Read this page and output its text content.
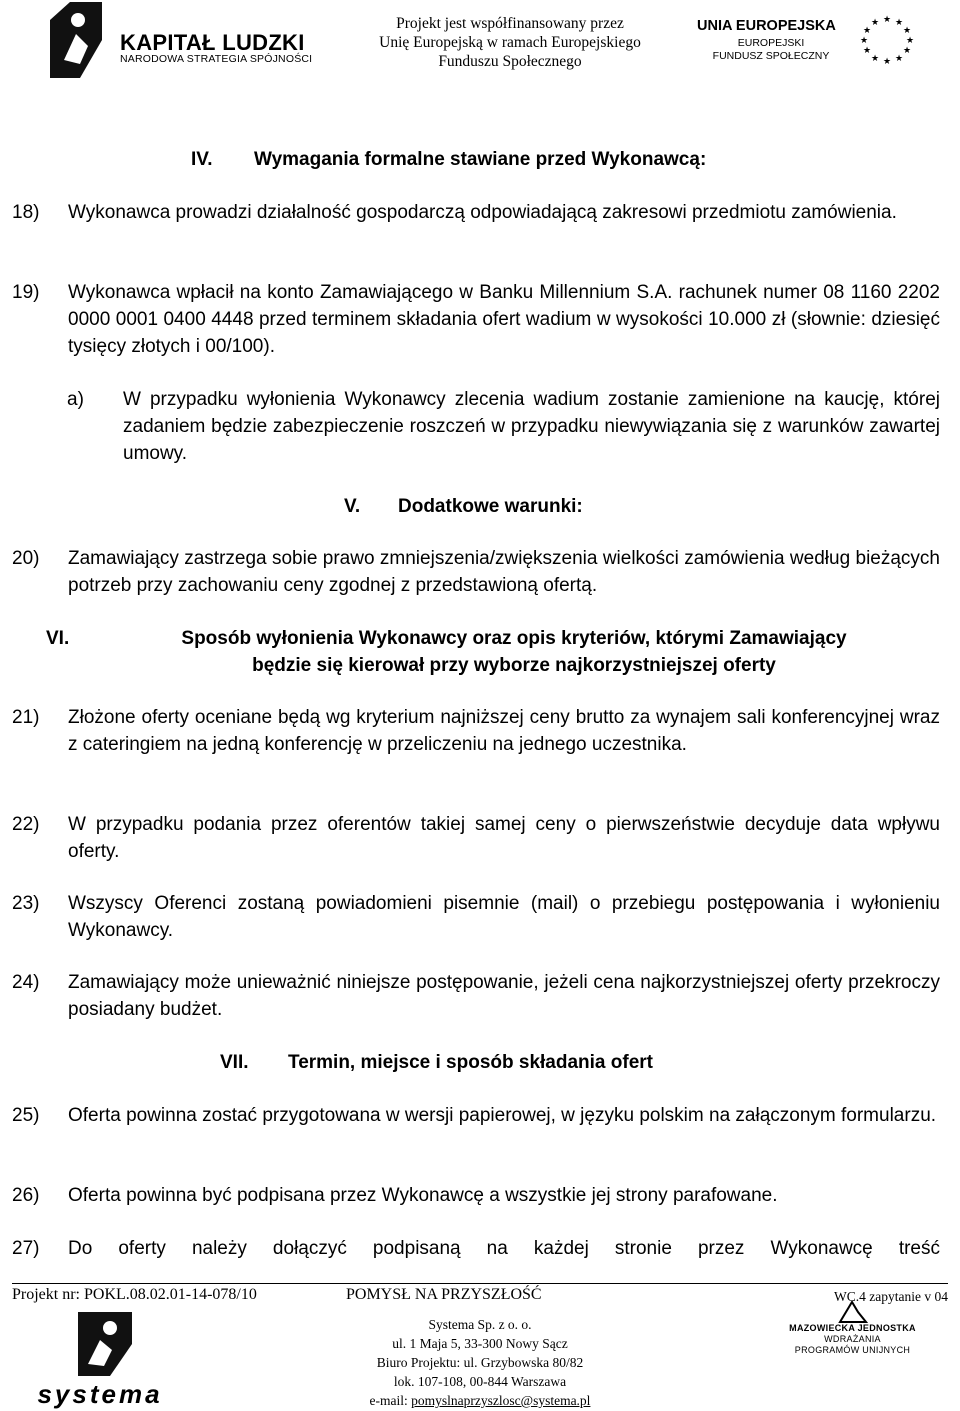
KAPITAŁ LUDZKI
NARODOWA STRATEGIA SPÓJNOŚCI
Projekt jest współfinansowany przez
Unię Europejską w ramach Europejskiego
Funduszu Społecznego
UNIA EUROPEJSKA
EUROPEJSKI
FUNDUSZ SPOŁECZNY
★ ★
★
★
★
★
★
★
★
★
★
★
IV. Wymagania formalne stawiane przed Wykonawcą:
18)	Wykonawca prowadzi działalność gospodarczą odpowiadającą zakresowi przedmiotu zamówienia.
19)	Wykonawca wpłacił na konto Zamawiającego w Banku Millennium S.A. rachunek numer 08 1160 2202 0000 0001 0400 4448 przed terminem składania ofert wadium w wysokości 10.000 zł (słownie: dziesięć tysięcy złotych i 00/100).
a)	W przypadku wyłonienia Wykonawcy zlecenia wadium zostanie zamienione na kaucję, której zadaniem będzie zabezpieczenie roszczeń w przypadku niewywiązania się z warunków zawartej umowy.
V. Dodatkowe warunki:
20)	Zamawiający zastrzega sobie prawo zmniejszenia/zwiększenia wielkości zamówienia według bieżących potrzeb przy zachowaniu ceny zgodnej z przedstawioną ofertą.
VI.	Sposób wyłonienia Wykonawcy oraz opis kryteriów, którymi Zamawiający
będzie się kierował przy wyborze najkorzystniejszej oferty
21)	Złożone oferty oceniane będą wg kryterium najniższej ceny brutto za wynajem sali konferencyjnej wraz z cateringiem na jedną konferencję w przeliczeniu na jednego uczestnika.
22)	W przypadku podania przez oferentów takiej samej ceny o pierwszeństwie decyduje data wpływu oferty.
23)	Wszyscy Oferenci zostaną powiadomieni pisemnie (mail) o przebiegu postępowania i wyłonieniu Wykonawcy.
24)	Zamawiający może unieważnić niniejsze postępowanie, jeżeli cena najkorzystniejszej oferty przekroczy posiadany budżet.
VII. Termin, miejsce i sposób składania ofert
25)	Oferta powinna zostać przygotowana w wersji papierowej, w języku polskim na załączonym formularzu.
26)	Oferta powinna być podpisana przez Wykonawcę a wszystkie jej strony parafowane.
27)	Do oferty należy dołączyć podpisaną na każdej stronie przez Wykonawcę treść
Projekt nr: POKL.08.02.01-14-078/10	POMYSŁ NA PRZYSZŁOŚĆ	WC.4 zapytanie v 04
systema
Systema Sp. z o. o.
ul. 1 Maja 5, 33-300 Nowy Sącz
Biuro Projektu: ul. Grzybowska 80/82
lok. 107-108, 00-844 Warszawa
e-mail: pomyslnaprzyszlosc@systema.pl
MAZOWIECKA JEDNOSTKA
WDRAŻANIA
PROGRAMÓW UNIJNYCH
